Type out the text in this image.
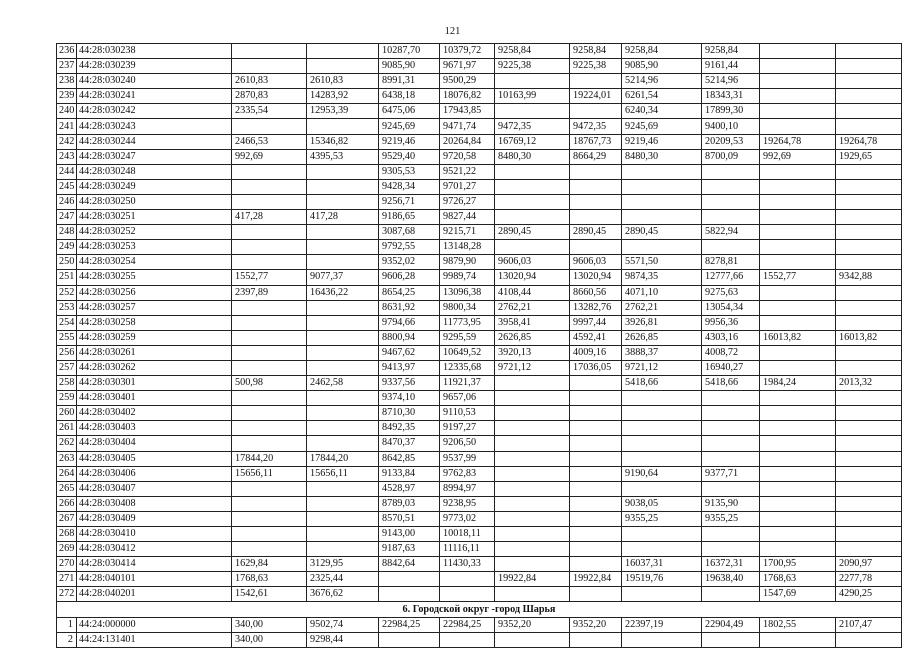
121
236	44:28:030238			10287,70	10379,72	9258,84	9258,84	9258,84	9258,84		
237	44:28:030239			9085,90	9671,97	9225,38	9225,38	9085,90	9161,44		
238	44:28:030240	2610,83	2610,83	8991,31	9500,29			5214,96	5214,96		
239	44:28:030241	2870,83	14283,92	6438,18	18076,82	10163,99	19224,01	6261,54	18343,31		
240	44:28:030242	2335,54	12953,39	6475,06	17943,85			6240,34	17899,30		
241	44:28:030243			9245,69	9471,74	9472,35	9472,35	9245,69	9400,10		
242	44:28:030244	2466,53	15346,82	9219,46	20264,84	16769,12	18767,73	9219,46	20209,53	19264,78	19264,78
243	44:28:030247	992,69	4395,53	9529,40	9720,58	8480,30	8664,29	8480,30	8700,09	992,69	1929,65
244	44:28:030248			9305,53	9521,22						
245	44:28:030249			9428,34	9701,27						
246	44:28:030250			9256,71	9726,27						
247	44:28:030251	417,28	417,28	9186,65	9827,44						
248	44:28:030252			3087,68	9215,71	2890,45	2890,45	2890,45	5822,94		
249	44:28:030253			9792,55	13148,28						
250	44:28:030254			9352,02	9879,90	9606,03	9606,03	5571,50	8278,81		
251	44:28:030255	1552,77	9077,37	9606,28	9989,74	13020,94	13020,94	9874,35	12777,66	1552,77	9342,88
252	44:28:030256	2397,89	16436,22	8654,25	13096,38	4108,44	8660,56	4071,10	9275,63		
253	44:28:030257			8631,92	9800,34	2762,21	13282,76	2762,21	13054,34		
254	44:28:030258			9794,66	11773,95	3958,41	9997,44	3926,81	9956,36		
255	44:28:030259			8800,94	9295,59	2626,85	4592,41	2626,85	4303,16	16013,82	16013,82
256	44:28:030261			9467,62	10649,52	3920,13	4009,16	3888,37	4008,72		
257	44:28:030262			9413,97	12335,68	9721,12	17036,05	9721,12	16940,27		
258	44:28:030301	500,98	2462,58	9337,56	11921,37			5418,66	5418,66	1984,24	2013,32
259	44:28:030401			9374,10	9657,06						
260	44:28:030402			8710,30	9110,53						
261	44:28:030403			8492,35	9197,27						
262	44:28:030404			8470,37	9206,50						
263	44:28:030405	17844,20	17844,20	8642,85	9537,99						
264	44:28:030406	15656,11	15656,11	9133,84	9762,83			9190,64	9377,71		
265	44:28:030407			4528,97	8994,97						
266	44:28:030408			8789,03	9238,95			9038,05	9135,90		
267	44:28:030409			8570,51	9773,02			9355,25	9355,25		
268	44:28:030410			9143,00	10018,11						
269	44:28:030412			9187,63	11116,11						
270	44:28:030414	1629,84	3129,95	8842,64	11430,33			16037,31	16372,31	1700,95	2090,97
271	44:28:040101	1768,63	2325,44			19922,84	19922,84	19519,76	19638,40	1768,63	2277,78
272	44:28:040201	1542,61	3676,62							1547,69	4290,25
6. Городской округ -город Шарья											
1	44:24:000000	340,00	9502,74	22984,25	22984,25	9352,20	9352,20	22397,19	22904,49	1802,55	2107,47
2	44:24:131401	340,00	9298,44								
